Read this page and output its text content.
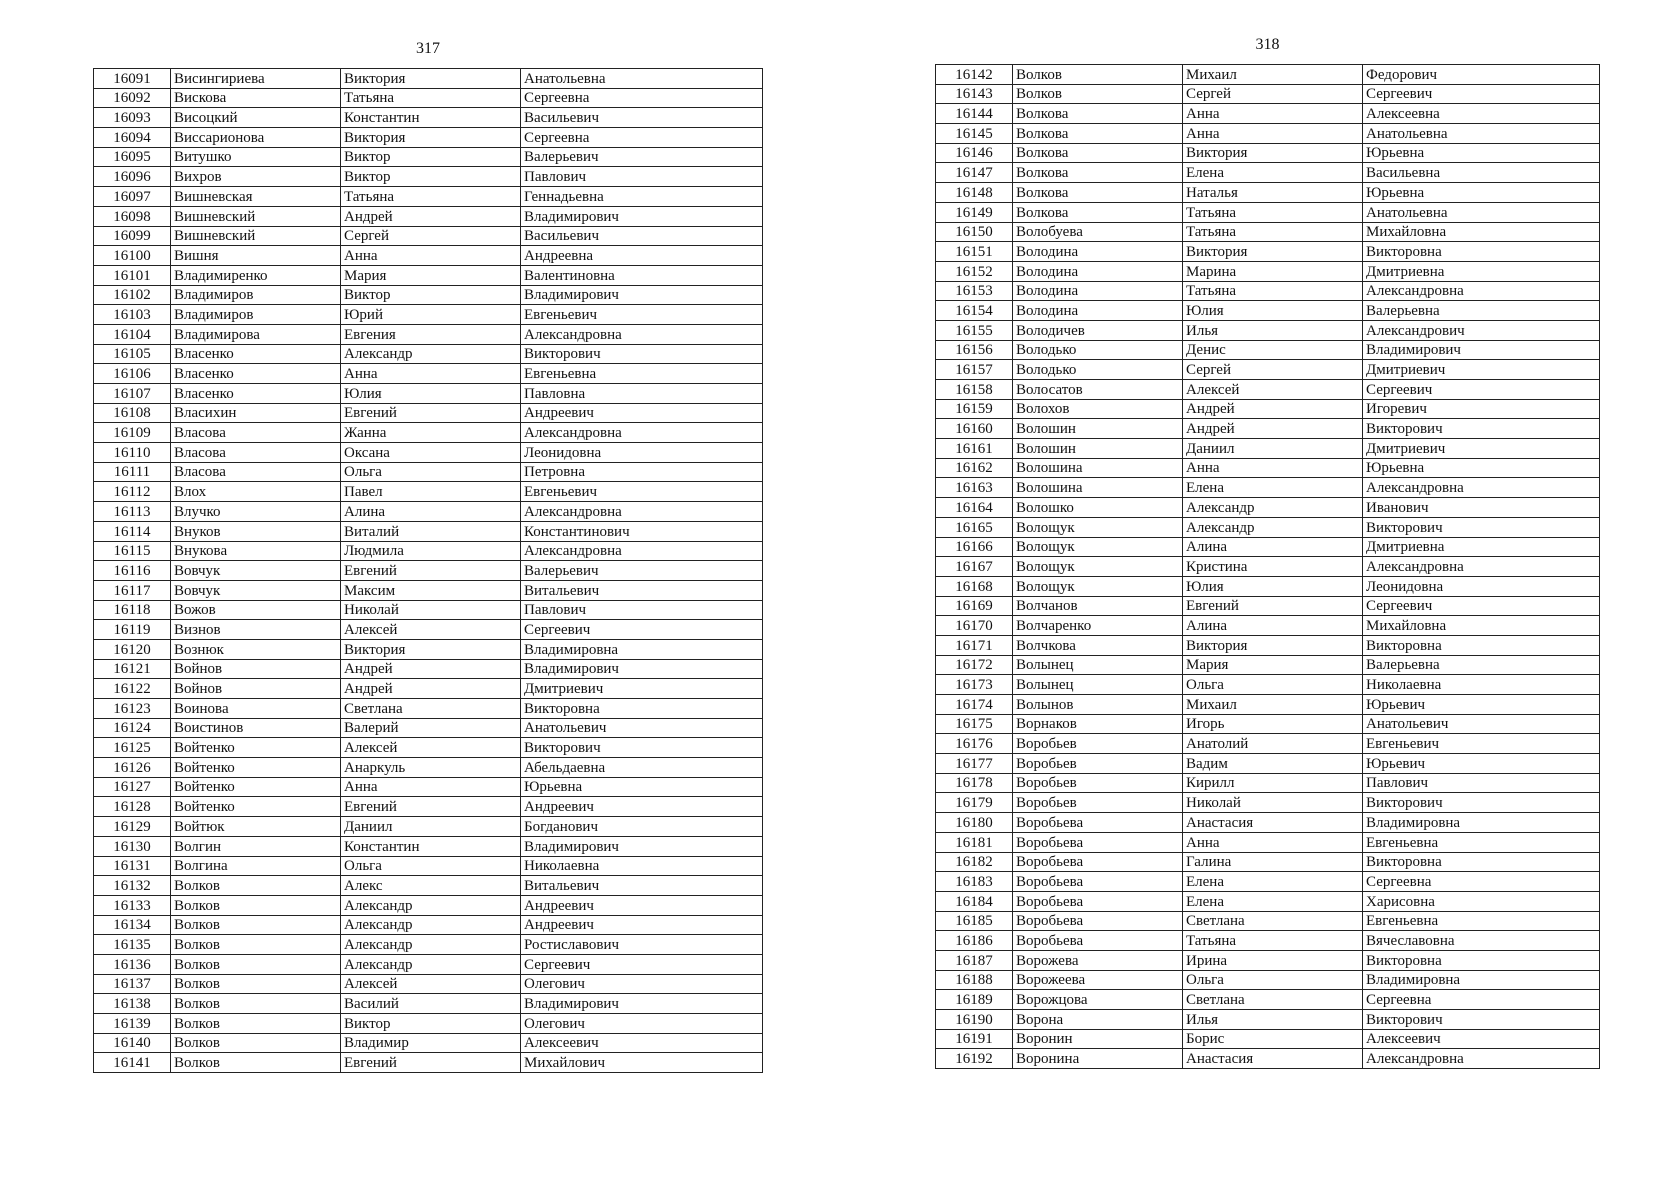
317
16091	Висингириева	Виктория	Анатольевна
16092	Вискова	Татьяна	Сергеевна
16093	Висоцкий	Константин	Васильевич
16094	Виссарионова	Виктория	Сергеевна
16095	Витушко	Виктор	Валерьевич
16096	Вихров	Виктор	Павлович
16097	Вишневская	Татьяна	Геннадьевна
16098	Вишневский	Андрей	Владимирович
16099	Вишневский	Сергей	Васильевич
16100	Вишня	Анна	Андреевна
16101	Владимиренко	Мария	Валентиновна
16102	Владимиров	Виктор	Владимирович
16103	Владимиров	Юрий	Евгеньевич
16104	Владимирова	Евгения	Александровна
16105	Власенко	Александр	Викторович
16106	Власенко	Анна	Евгеньевна
16107	Власенко	Юлия	Павловна
16108	Власихин	Евгений	Андреевич
16109	Власова	Жанна	Александровна
16110	Власова	Оксана	Леонидовна
16111	Власова	Ольга	Петровна
16112	Влох	Павел	Евгеньевич
16113	Влучко	Алина	Александровна
16114	Внуков	Виталий	Константинович
16115	Внукова	Людмила	Александровна
16116	Вовчук	Евгений	Валерьевич
16117	Вовчук	Максим	Витальевич
16118	Вожов	Николай	Павлович
16119	Визнов	Алексей	Сергеевич
16120	Вознюк	Виктория	Владимировна
16121	Войнов	Андрей	Владимирович
16122	Войнов	Андрей	Дмитриевич
16123	Воинова	Светлана	Викторовна
16124	Воистинов	Валерий	Анатольевич
16125	Войтенко	Алексей	Викторович
16126	Войтенко	Анаркуль	Абельдаевна
16127	Войтенко	Анна	Юрьевна
16128	Войтенко	Евгений	Андреевич
16129	Войтюк	Даниил	Богданович
16130	Волгин	Константин	Владимирович
16131	Волгина	Ольга	Николаевна
16132	Волков	Алекс	Витальевич
16133	Волков	Александр	Андреевич
16134	Волков	Александр	Андреевич
16135	Волков	Александр	Ростиславович
16136	Волков	Александр	Сергеевич
16137	Волков	Алексей	Олегович
16138	Волков	Василий	Владимирович
16139	Волков	Виктор	Олегович
16140	Волков	Владимир	Алексеевич
16141	Волков	Евгений	Михайлович
318
16142	Волков	Михаил	Федорович
16143	Волков	Сергей	Сергеевич
16144	Волкова	Анна	Алексеевна
16145	Волкова	Анна	Анатольевна
16146	Волкова	Виктория	Юрьевна
16147	Волкова	Елена	Васильевна
16148	Волкова	Наталья	Юрьевна
16149	Волкова	Татьяна	Анатольевна
16150	Волобуева	Татьяна	Михайловна
16151	Володина	Виктория	Викторовна
16152	Володина	Марина	Дмитриевна
16153	Володина	Татьяна	Александровна
16154	Володина	Юлия	Валерьевна
16155	Володичев	Илья	Александрович
16156	Володько	Денис	Владимирович
16157	Володько	Сергей	Дмитриевич
16158	Волосатов	Алексей	Сергеевич
16159	Волохов	Андрей	Игоревич
16160	Волошин	Андрей	Викторович
16161	Волошин	Даниил	Дмитриевич
16162	Волошина	Анна	Юрьевна
16163	Волошина	Елена	Александровна
16164	Волошко	Александр	Иванович
16165	Волощук	Александр	Викторович
16166	Волощук	Алина	Дмитриевна
16167	Волощук	Кристина	Александровна
16168	Волощук	Юлия	Леонидовна
16169	Волчанов	Евгений	Сергеевич
16170	Волчаренко	Алина	Михайловна
16171	Волчкова	Виктория	Викторовна
16172	Волынец	Мария	Валерьевна
16173	Волынец	Ольга	Николаевна
16174	Волынов	Михаил	Юрьевич
16175	Ворнаков	Игорь	Анатольевич
16176	Воробьев	Анатолий	Евгеньевич
16177	Воробьев	Вадим	Юрьевич
16178	Воробьев	Кирилл	Павлович
16179	Воробьев	Николай	Викторович
16180	Воробьева	Анастасия	Владимировна
16181	Воробьева	Анна	Евгеньевна
16182	Воробьева	Галина	Викторовна
16183	Воробьева	Елена	Сергеевна
16184	Воробьева	Елена	Харисовна
16185	Воробьева	Светлана	Евгеньевна
16186	Воробьева	Татьяна	Вячеславовна
16187	Ворожева	Ирина	Викторовна
16188	Ворожеева	Ольга	Владимировна
16189	Ворожцова	Светлана	Сергеевна
16190	Ворона	Илья	Викторович
16191	Воронин	Борис	Алексеевич
16192	Воронина	Анастасия	Александровна
